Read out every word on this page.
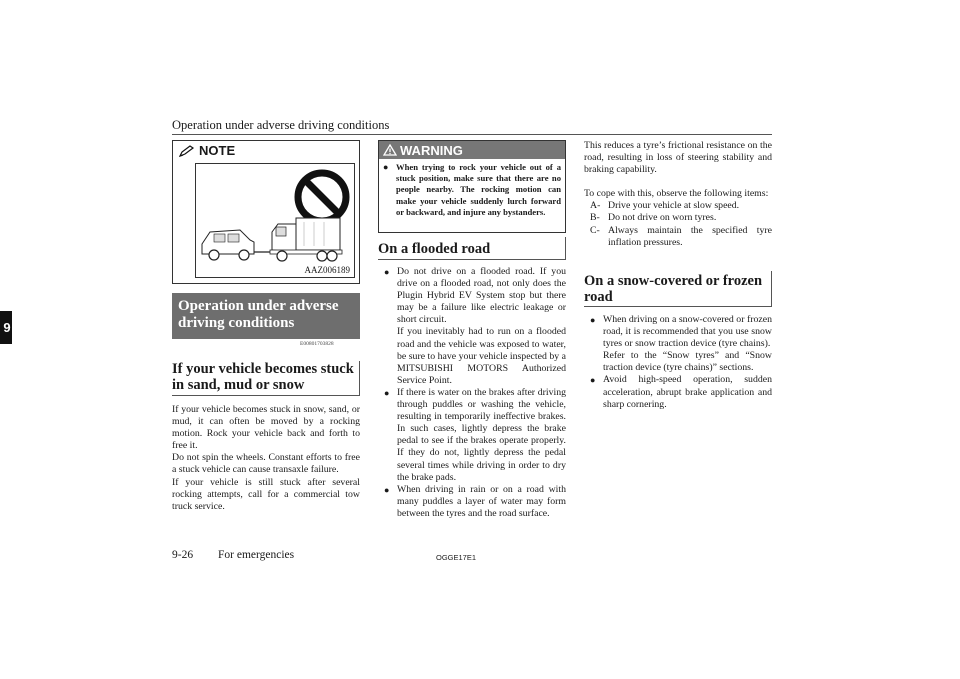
Operation under adverse driving conditions
9
NOTE
AAZ006189
Operation under adverse
driving conditions
E00801703828
If your vehicle becomes stuck
in sand, mud or snow

If your vehicle becomes stuck in snow, sand, or mud, it can often be moved by a rocking motion. Rock your vehicle back and forth to free it.

Do not spin the wheels. Constant efforts to free a stuck vehicle can cause transaxle failure.

If your vehicle is still stuck after several rocking attempts, call for a commercial tow truck service.

WARNING
● When trying to rock your vehicle out of a stuck position, make sure that there are no people nearby. The rocking motion can make your vehicle suddenly lurch forward or backward, and injure any bystanders.
On a flooded road
● Do not drive on a flooded road. If you drive on a flooded road, not only does the Plugin Hybrid EV System stop but there may be a failure like electric leakage or short circuit.
If you inevitably had to run on a flooded road and the vehicle was exposed to water, be sure to have your vehicle inspected by a MITSUBISHI MOTORS Authorized Service Point.
● If there is water on the brakes after driving through puddles or washing the vehicle, resulting in temporarily ineffective brakes. In such cases, lightly depress the brake pedal to see if the brakes operate properly. If they do not, lightly depress the pedal several times while driving in order to dry the brake pads.
● When driving in rain or on a road with many puddles a layer of water may form between the tyres and the road surface.

This reduces a tyre’s frictional resistance on the road, resulting in loss of steering stability and braking capability.

To cope with this, observe the following items:

A- Drive your vehicle at slow speed.
B- Do not drive on worn tyres.
C- Always maintain the specified tyre inflation pressures.
On a snow-covered or frozen
road
● When driving on a snow-covered or frozen road, it is recommended that you use snow tyres or snow traction device (tyre chains).
Refer to the “Snow tyres” and “Snow traction device (tyre chains)” sections.
● Avoid high-speed operation, sudden acceleration, abrupt brake application and sharp cornering.
9-26 For emergencies	OGGE17E1
